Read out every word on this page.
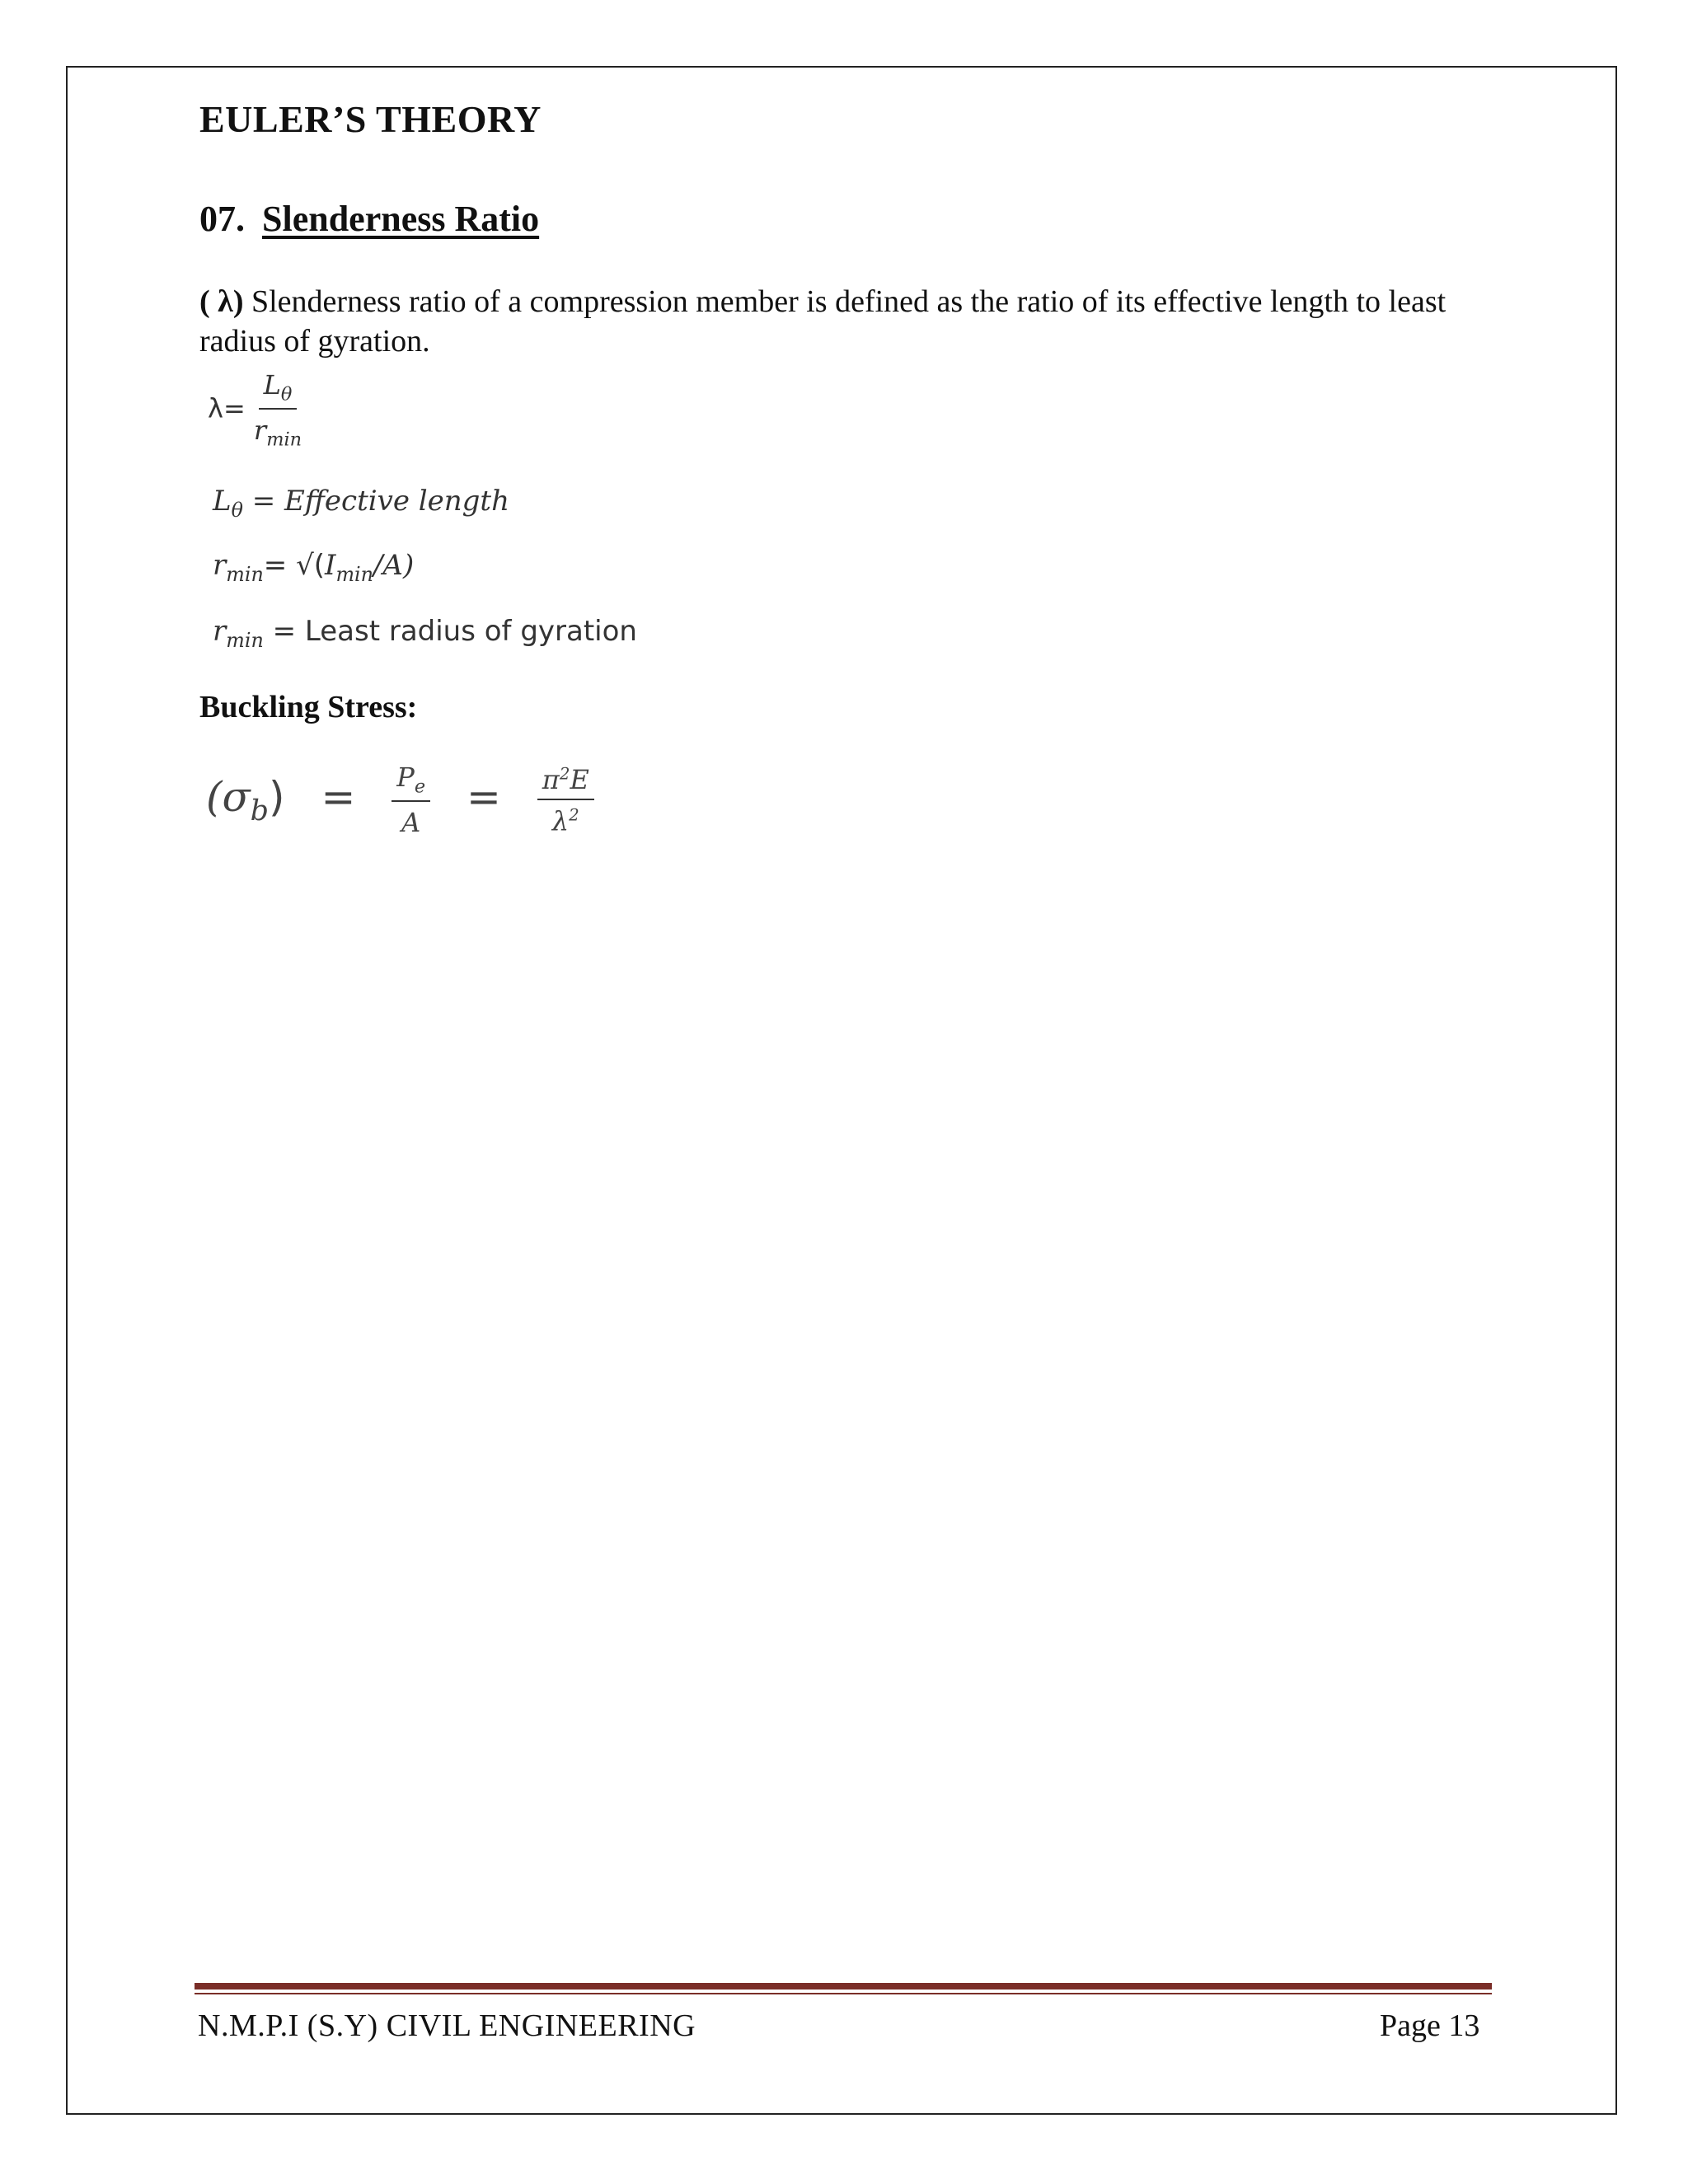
EULER’S THEORY
07. Slenderness Ratio
( λ) Slenderness ratio of a compression member is defined as the ratio of its effective length to least radius of gyration.
$\lambda= \frac{L_\theta}{r_{min}}$
$L_\theta$ = Effective length
$r_{min}= √(I_{min}/A)$
$r_{min}$ = Least radius of gyration
Buckling Stress:
$(\sigma_b) = \frac{P_e}{A} = \frac{\pi^2E}{\lambda^2}$
N.M.P.I (S.Y) CIVIL ENGINEERING	Page 13
